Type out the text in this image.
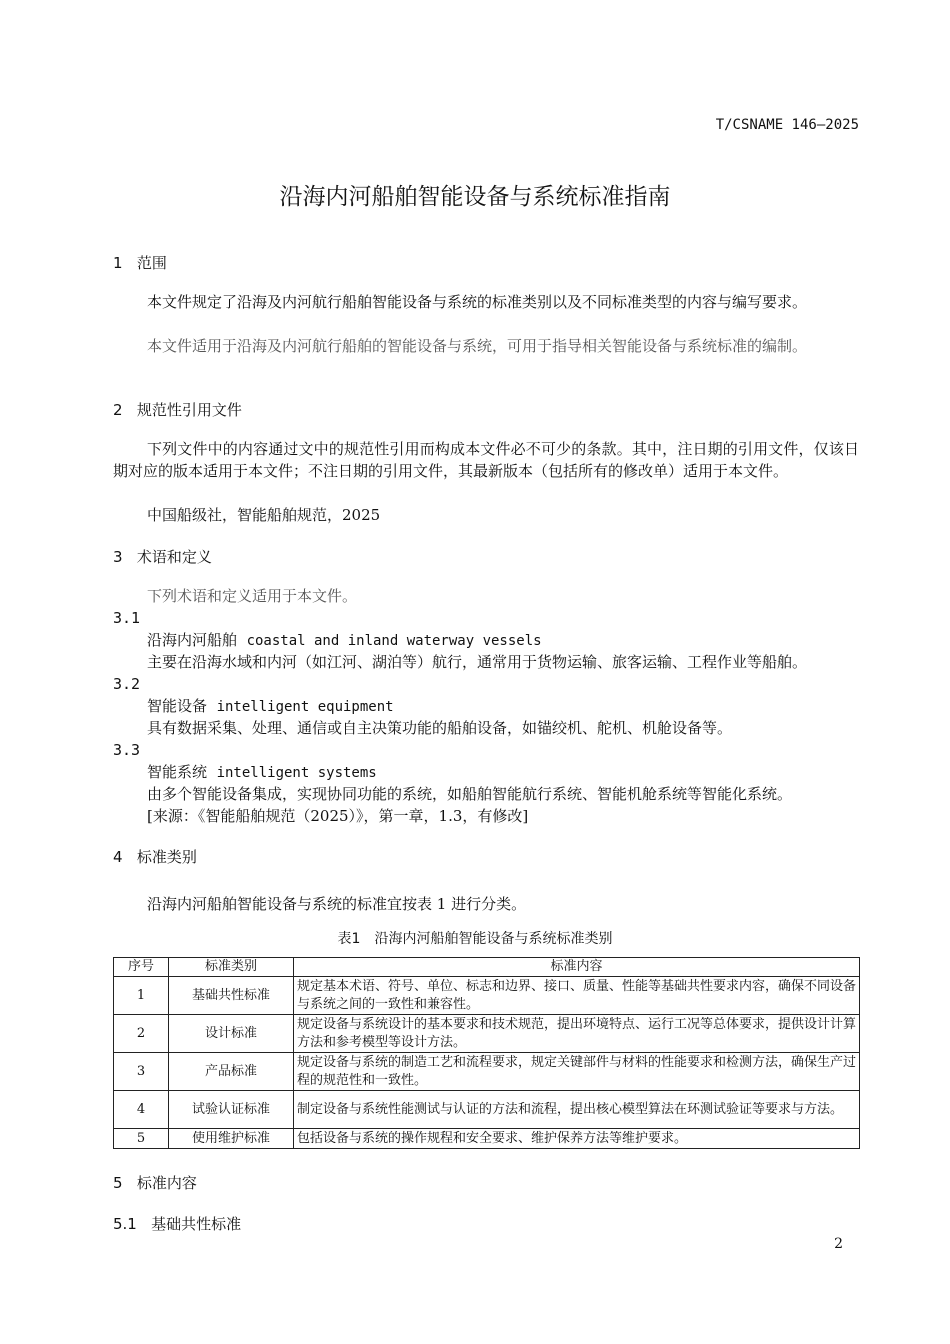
T/CSNAME 146—2025
沿海内河船舶智能设备与系统标准指南
1 范围
本文件规定了沿海及内河航行船舶智能设备与系统的标准类别以及不同标准类型的内容与编写要求。
本文件适用于沿海及内河航行船舶的智能设备与系统，可用于指导相关智能设备与系统标准的编制。
2 规范性引用文件
下列文件中的内容通过文中的规范性引用而构成本文件必不可少的条款。其中，注日期的引用文件，仅该日期对应的版本适用于本文件；不注日期的引用文件，其最新版本（包括所有的修改单）适用于本文件。
中国船级社，智能船舶规范，2025
3 术语和定义
下列术语和定义适用于本文件。
3.1
沿海内河船舶 coastal and inland waterway vessels
主要在沿海水域和内河（如江河、湖泊等）航行，通常用于货物运输、旅客运输、工程作业等船舶。
3.2
智能设备 intelligent equipment
具有数据采集、处理、通信或自主决策功能的船舶设备，如锚绞机、舵机、机舱设备等。
3.3
智能系统 intelligent systems
由多个智能设备集成，实现协同功能的系统，如船舶智能航行系统、智能机舱系统等智能化系统。
[来源：《智能船舶规范（2025）》，第一章，1.3，有修改]
4 标准类别
沿海内河船舶智能设备与系统的标准宜按表 1 进行分类。
表1　沿海内河船舶智能设备与系统标准类别
序号	标准类别	标准内容
1	基础共性标准	规定基本术语、符号、单位、标志和边界、接口、质量、性能等基础共性要求内容，确保不同设备与系统之间的一致性和兼容性。
2	设计标准	规定设备与系统设计的基本要求和技术规范，提出环境特点、运行工况等总体要求，提供设计计算方法和参考模型等设计方法。
3	产品标准	规定设备与系统的制造工艺和流程要求，规定关键部件与材料的性能要求和检测方法，确保生产过程的规范性和一致性。
4	试验认证标准	制定设备与系统性能测试与认证的方法和流程，提出核心模型算法在环测试验证等要求与方法。
5	使用维护标准	包括设备与系统的操作规程和安全要求、维护保养方法等维护要求。
5 标准内容
5.1 基础共性标准
2
